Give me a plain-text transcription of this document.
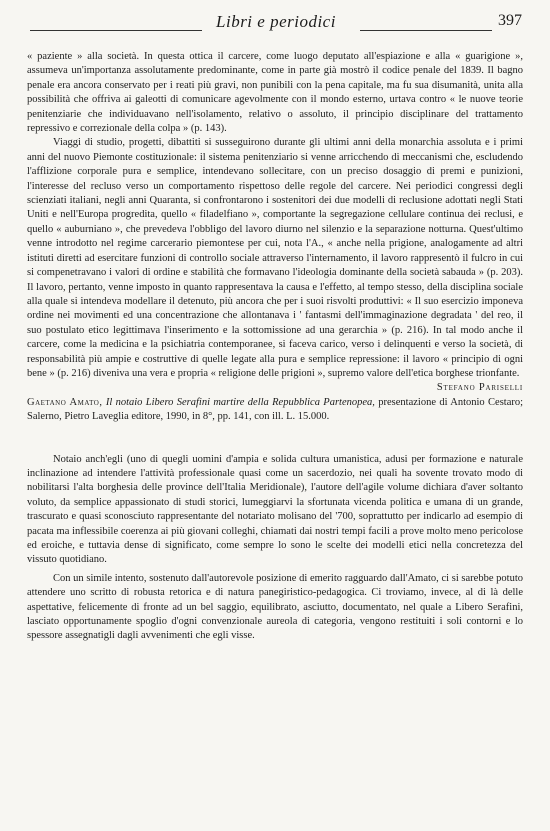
Libri e periodici	397

« paziente » alla società. In questa ottica il carcere, come luogo deputato all'espiazione e alla « guarigione », assumeva un'importanza assolutamente predominante, come in parte già mostrò il codice penale del 1839. Il bagno penale era ancora conservato per i reati più gravi, non punibili con la pena capitale, ma fu sua disumanità, unita alla possibilità che offriva ai galeotti di comunicare agevolmente con il mondo esterno, urtava contro « le nuove teorie penitenziarie che individuavano nell'isolamento, relativo o assoluto, il principio disciplinare del trattamento repressivo e correzionale della colpa » (p. 143).

Viaggi di studio, progetti, dibattiti si susseguirono durante gli ultimi anni della monarchia assoluta e i primi anni del nuovo Piemonte costituzionale: il sistema penitenziario si venne arricchendo di meccanismi che, escludendo l'afflizione corporale pura e semplice, intendevano sollecitare, con un preciso dosaggio di premi e punizioni, l'interesse del recluso verso un comportamento rispettoso delle regole del carcere. Nei periodici congressi degli scienziati italiani, negli anni Quaranta, si confrontarono i sostenitori dei due modelli di reclusione adottati negli Stati Uniti e nell'Europa progredita, quello « filadelfiano », comportante la segregazione cellulare continua dei reclusi, e quello « auburniano », che prevedeva l'obbligo del lavoro diurno nel silenzio e la separazione notturna. Quest'ultimo venne introdotto nel regime carcerario piemontese per cui, nota l'A., « anche nella prigione, analogamente ad altri istituti diretti ad esercitare funzioni di controllo sociale attraverso l'internamento, il lavoro rappresentò il fulcro in cui si compenetravano i valori di ordine e stabilità che formavano l'ideologia dominante della società sabauda » (p. 203). Il lavoro, pertanto, venne imposto in quanto rappresentava la causa e l'effetto, al tempo stesso, della disciplina sociale alla quale si intendeva modellare il detenuto, più ancora che per i suoi risvolti produttivi: « Il suo esercizio imponeva ordine nei movimenti ed una concentrazione che allontanava i ' fantasmi dell'immaginazione degradata ' del reo, il suo postulato etico legittimava l'inserimento e la sottomissione ad una gerarchia » (p. 216). In tal modo anche il carcere, come la medicina e la psichiatria contemporanee, si faceva carico, verso i delinquenti e verso la società, di responsabilità più ampie e costruttive di quelle legate alla pura e semplice repressione: il lavoro « principio di ogni bene » (p. 216) diveniva una vera e propria « religione delle prigioni », supremo valore dell'etica borghese trionfante.

Stefano Pariselli

Gaetano Amato, Il notaio Libero Serafini martire della Repubblica Partenopea, presentazione di Antonio Cestaro; Salerno, Pietro Laveglia editore, 1990, in 8°, pp. 141, con ill. L. 15.000.

Notaio anch'egli (uno di quegli uomini d'ampia e solida cultura umanistica, adusi per formazione e naturale inclinazione ad intendere l'attività professionale quasi come un sacerdozio, nei quali ha sovente trovato modo di nobilitarsi l'alta borghesia delle province dell'Italia Meridionale), l'autore dell'agile volume dichiara d'aver soltanto voluto, da semplice appassionato di studi storici, lumeggiarvi la sfortunata vicenda politica e umana di un grande, trascurato e quasi sconosciuto rappresentante del notariato molisano del '700, soprattutto per indicarlo ad esempio di pacata ma inflessibile coerenza ai più giovani colleghi, chiamati dai nostri tempi facili a prove molto meno pericolose ed eroiche, e tuttavia dense di significato, come sempre lo sono le scelte dei modelli etici nella concretezza del vissuto quotidiano.

Con un simile intento, sostenuto dall'autorevole posizione di emerito ragguardo dall'Amato, ci si sarebbe potuto attendere uno scritto di robusta retorica e di natura panegiristico-pedagogica. Ci troviamo, invece, al di là delle aspettative, felicemente di fronte ad un bel saggio, equilibrato, asciutto, documentato, nel quale a Libero Serafini, lasciato opportunamente spoglio d'ogni convenzionale aureola di categoria, vengono restituiti i soli contorni e lo spessore assegnatigli dagli avvenimenti che egli visse.
